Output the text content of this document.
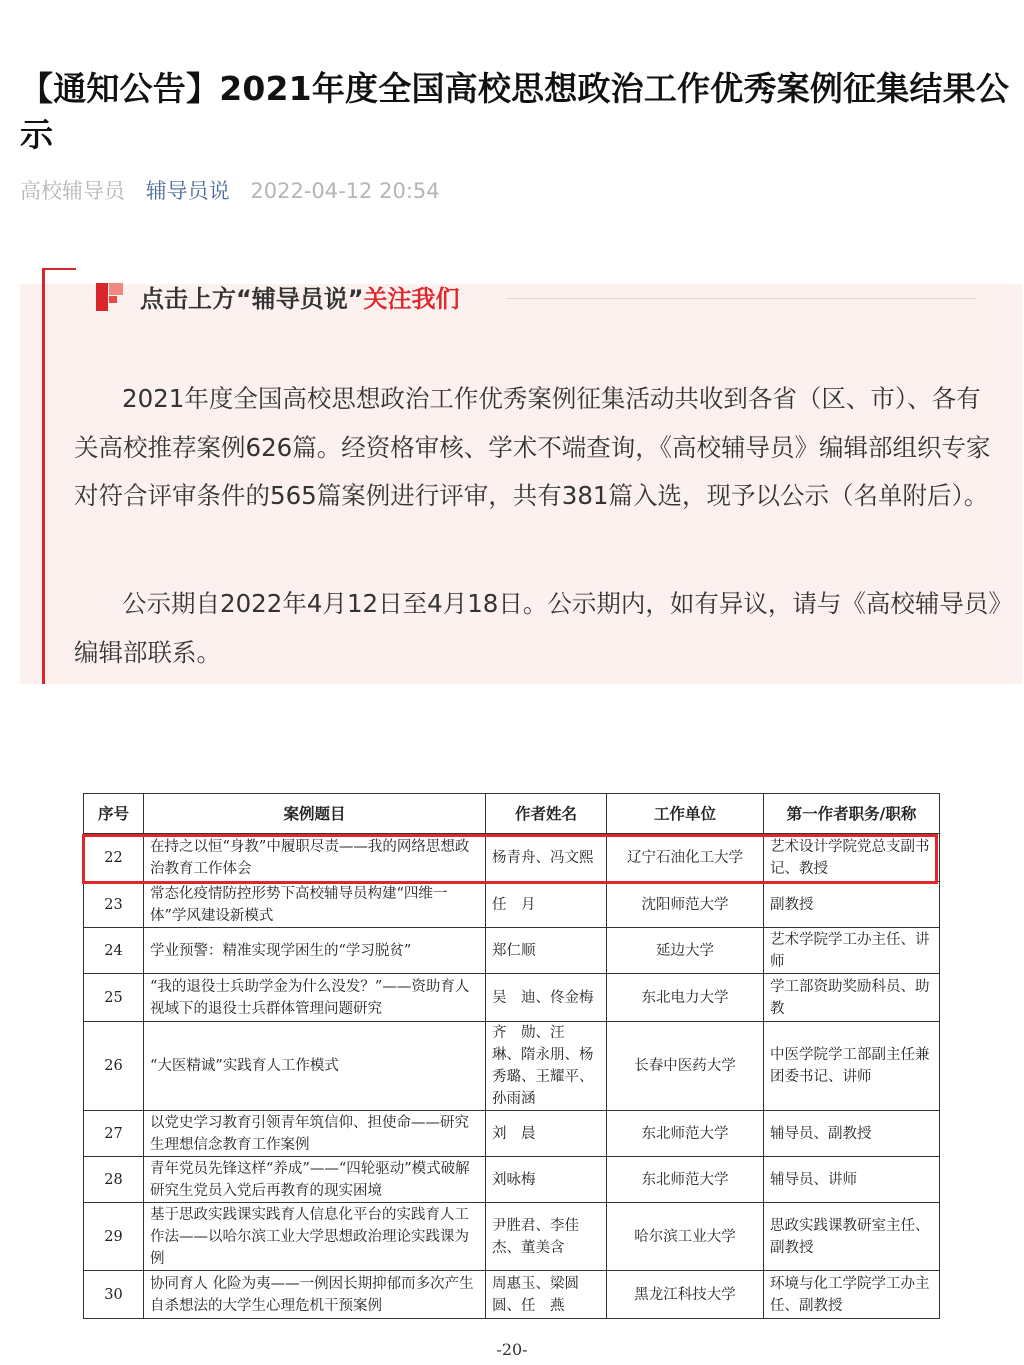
【通知公告】2021年度全国高校思想政治工作优秀案例征集结果公示
高校辅导员 辅导员说 2022-04-12 20:54
点击上方“辅导员说”关注我们

2021年度全国高校思想政治工作优秀案例征集活动共收到各省（区、市）、各有关高校推荐案例626篇。经资格审核、学术不端查询，《高校辅导员》编辑部组织专家对符合评审条件的565篇案例进行评审，共有381篇入选，现予以公示（名单附后）。

公示期自2022年4月12日至4月18日。公示期内，如有异议，请与《高校辅导员》编辑部联系。

序号	案例题目	作者姓名	工作单位	第一作者职务/职称
22	在持之以恒“身教”中履职尽责——我的网络思想政治教育工作体会	杨青舟、冯文熙	辽宁石油化工大学	艺术设计学院党总支副书记、教授
23	常态化疫情防控形势下高校辅导员构建“四维一体”学风建设新模式	任　月	沈阳师范大学	副教授
24	学业预警：精准实现学困生的“学习脱贫”	郑仁顺	延边大学	艺术学院学工办主任、讲师
25	“我的退役士兵助学金为什么没发？”——资助育人视域下的退役士兵群体管理问题研究	吴　迪、佟金梅	东北电力大学	学工部资助奖励科员、助教
26	“大医精诚”实践育人工作模式	齐　勋、汪　琳、隋永朋、杨秀璐、王耀平、孙雨涵	长春中医药大学	中医学院学工部副主任兼团委书记、讲师
27	以党史学习教育引领青年筑信仰、担使命——研究生理想信念教育工作案例	刘　晨	东北师范大学	辅导员、副教授
28	青年党员先锋这样“养成”——“四轮驱动”模式破解研究生党员入党后再教育的现实困境	刘咏梅	东北师范大学	辅导员、讲师
29	基于思政实践课实践育人信息化平台的实践育人工作法——以哈尔滨工业大学思想政治理论实践课为例	尹胜君、李佳杰、董美含	哈尔滨工业大学	思政实践课教研室主任、副教授
30	协同育人 化险为夷——一例因长期抑郁而多次产生自杀想法的大学生心理危机干预案例	周惠玉、梁圆圆、任　燕	黑龙江科技大学	环境与化工学院学工办主任、副教授
-20-
